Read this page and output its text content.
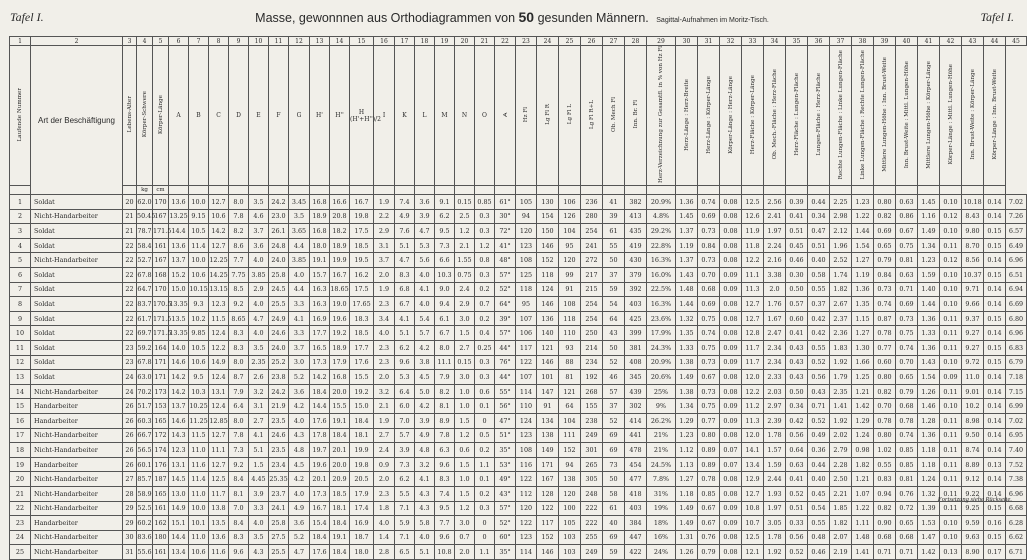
Tafel I.	Masse, gewonnnen aus Orthodiagrammen von 50 gesunden Männern. Sagittal-Aufnahmen im Moritz-Tisch.	Tafel I.
1	2	3	4	5	6	7	8	9	10	11	12	13	14	15	16	17	18	19	20	21	22	23	24	25	26	27	28	29	30	31	32	33	34	35	36	37	38	39	40	41	42	43	44	45
Laufende Nummer	Art der Beschäftigung	Lebens-Alter	Körper-Schwere	Körper-Länge	A	B	C	D	E	F	G	H'	H''	H (H'+H'')/2	I	K	L	M	N	O	∢	Hz Fl	Lg Fl R	Lg Fl L	Lg Fl R+L	Ob. Mech Fl	Inn. Br. Fl	Herz-Verzeichnung zur Gesamtfl. in % von Hz Fl	Herz-Länge : Herz-Breite	Herz-Länge : Körper-Länge	Körper-Länge : Herz-Länge	Herz-Fläche : Körper-Länge	Ob. Mech.-Fläche : Herz-Fläche	Herz-Fläche : Lungen-Fläche	Lungen-Fläche : Herz-Fläche	Rechte Lungen-Fläche : Linke Lungen-Fläche	Linke Lungen-Fläche : Rechte Lungen-Fläche	Mittlere Lungen-Höhe : Inn. Brust-Weite	Inn. Brust-Weite : Mittl. Lungen-Höhe	Mittlere Lungen-Höhe : Körper-Länge	Körper-Länge : Mittl. Lungen-Höhe	Inn. Brust-Weite : Körper-Länge	Körper-Länge : Inn. Brust-Weite	
			kg	cm																																								
1	Soldat	20	62.0	170	13.6	10.0	12.7	8.0	3.5	24.2	3.45	16.8	16.6	16.7	1.9	7.4	3.6	9.1	0.15	0.85	61°	105	130	106	236	41	382	20.9%	1.36	0.74	0.08	12.5	2.56	0.39	0.44	2.25	1.23	0.80	0.63	1.45	0.10	10.18	0.14	7.02
2	Nicht-Handarbeiter	21	50.45	167	13.25	9.15	10.6	7.8	4.6	23.0	3.5	18.9	20.8	19.8	2.2	4.9	3.9	6.2	2.5	0.3	30°	94	154	126	280	39	413	4.8%	1.45	0.69	0.08	12.6	2.41	0.41	0.34	2.98	1.22	0.82	0.86	1.16	0.12	8.43	0.14	7.26
3	Soldat	21	78.7	171.5	14.4	10.5	14.2	8.2	3.7	26.1	3.65	16.8	18.2	17.5	2.9	7.6	4.7	9.5	1.2	0.3	72°	120	150	104	254	61	435	29.2%	1.37	0.73	0.08	11.9	1.97	0.51	0.47	2.12	1.44	0.69	0.67	1.49	0.10	9.80	0.15	6.57
4	Soldat	22	58.4	161	13.6	11.4	12.7	8.6	3.6	24.8	4.4	18.0	18.9	18.5	3.1	5.1	5.3	7.3	2.1	1.2	41°	123	146	95	241	55	419	22.8%	1.19	0.84	0.08	11.8	2.24	0.45	0.51	1.96	1.54	0.65	0.75	1.34	0.11	8.70	0.15	6.49
5	Nicht-Handarbeiter	22	52.7	167	13.7	10.0	12.25	7.7	4.0	24.0	3.85	19.1	19.9	19.5	3.7	4.7	5.6	6.6	1.55	0.8	48°	108	152	120	272	50	430	16.3%	1.37	0.73	0.08	12.2	2.16	0.46	0.40	2.52	1.27	0.79	0.81	1.23	0.12	8.56	0.14	6.96
6	Soldat	22	67.8	168	15.2	10.6	14.25	7.75	3.85	25.8	4.0	15.7	16.7	16.2	2.0	8.3	4.0	10.3	0.75	0.3	57°	125	118	99	217	37	379	16.0%	1.43	0.70	0.09	11.1	3.38	0.30	0.58	1.74	1.19	0.84	0.63	1.59	0.10	10.37	0.15	6.51
7	Soldat	22	64.7	170	15.0	10.15	13.15	8.5	2.9	24.5	4.4	16.3	18.65	17.5	1.9	6.8	4.1	9.0	2.4	0.2	52°	118	124	91	215	59	392	22.5%	1.48	0.68	0.09	11.3	2.0	0.50	0.55	1.82	1.36	0.73	0.71	1.40	0.10	9.71	0.14	6.94
8	Soldat	22	83.7	170.5	13.35	9.3	12.3	9.2	4.0	25.5	3.3	16.3	19.0	17.65	2.3	6.7	4.0	9.4	2.9	0.7	64°	95	146	108	254	54	403	16.3%	1.44	0.69	0.08	12.7	1.76	0.57	0.37	2.67	1.35	0.74	0.69	1.44	0.10	9.66	0.14	6.69
9	Soldat	22	61.7	171.5	13.5	10.2	11.5	8.65	4.7	24.9	4.1	16.9	19.6	18.3	3.4	4.1	5.4	6.1	3.0	0.2	39°	107	136	118	254	64	425	23.6%	1.32	0.75	0.08	12.7	1.67	0.60	0.42	2.37	1.15	0.87	0.73	1.36	0.11	9.37	0.15	6.80
10	Soldat	22	69.7	171.5	13.35	9.85	12.4	8.3	4.0	24.6	3.3	17.7	19.2	18.5	4.0	5.1	5.7	6.7	1.5	0.4	57°	106	140	110	250	43	399	17.9%	1.35	0.74	0.08	12.8	2.47	0.41	0.42	2.36	1.27	0.78	0.75	1.33	0.11	9.27	0.14	6.96
11	Soldat	23	59.2	164	14.0	10.5	12.2	8.3	3.5	24.0	3.7	16.5	18.9	17.7	2.3	6.2	4.2	8.0	2.7	0.25	44°	117	121	93	214	50	381	24.3%	1.33	0.75	0.09	11.7	2.34	0.43	0.55	1.83	1.30	0.77	0.74	1.36	0.11	9.27	0.15	6.83
12	Soldat	23	67.8	171	14.6	10.6	14.9	8.0	2.35	25.2	3.0	17.3	17.9	17.6	2.3	9.6	3.8	11.1	0.15	0.3	76°	122	146	88	234	52	408	20.9%	1.38	0.73	0.09	11.7	2.34	0.43	0.52	1.92	1.66	0.60	0.70	1.43	0.10	9.72	0.15	6.79
13	Soldat	24	63.0	171	14.2	9.5	12.4	8.7	2.6	23.8	5.2	14.2	16.8	15.5	2.0	5.3	4.5	7.9	3.0	0.3	44°	107	101	81	192	46	345	20.6%	1.49	0.67	0.08	12.0	2.33	0.43	0.56	1.79	1.25	0.80	0.65	1.54	0.09	11.0	0.14	7.18
14	Nicht-Handarbeiter	24	70.2	173	14.2	10.3	13.1	7.9	3.2	24.2	3.6	18.4	20.0	19.2	3.2	6.4	5.0	8.2	1.0	0.6	55°	114	147	121	268	57	439	25%	1.38	0.73	0.08	12.2	2.03	0.50	0.43	2.35	1.21	0.82	0.79	1.26	0.11	9.01	0.14	7.15
15	Handarbeiter	26	51.7	153	13.7	10.25	12.4	6.4	3.1	21.9	4.2	14.4	15.5	15.0	2.1	6.0	4.2	8.1	1.0	0.1	56°	110	91	64	155	37	302	9%	1.34	0.75	0.09	11.2	2.97	0.34	0.71	1.41	1.42	0.70	0.68	1.46	0.10	10.2	0.14	6.99
16	Handarbeiter	26	60.3	165	14.6	11.25	12.85	8.0	2.7	23.5	4.0	17.6	19.1	18.4	1.9	7.0	3.9	8.9	1.5	0	47°	124	134	104	238	52	414	26.2%	1.29	0.77	0.09	11.3	2.39	0.42	0.52	1.92	1.29	0.78	0.78	1.28	0.11	8.98	0.14	7.02
17	Nicht-Handarbeiter	26	66.7	172	14.3	11.5	12.7	7.8	4.1	24.6	4.3	17.8	18.4	18.1	2.7	5.7	4.9	7.8	1.2	0.5	51°	123	138	111	249	69	441	21%	1.23	0.80	0.08	12.0	1.78	0.56	0.49	2.02	1.24	0.80	0.74	1.36	0.11	9.50	0.14	6.95
18	Nicht-Handarbeiter	26	56.5	174	12.3	11.0	11.1	7.3	5.1	23.5	4.8	19.7	20.1	19.9	2.4	3.9	4.8	6.3	0.6	0.2	35°	108	149	152	301	69	478	21%	1.12	0.89	0.07	14.1	1.57	0.64	0.36	2.79	0.98	1.02	0.85	1.18	0.11	8.74	0.14	7.40
19	Handarbeiter	26	60.1	176	13.1	11.6	12.7	9.2	1.5	23.4	4.5	19.6	20.0	19.8	0.9	7.3	3.2	9.6	1.5	1.1	53°	116	171	94	265	73	454	24.5%	1.13	0.89	0.07	13.4	1.59	0.63	0.44	2.28	1.82	0.55	0.85	1.18	0.11	8.89	0.13	7.52
20	Nicht-Handarbeiter	27	85.7	187	14.5	11.4	12.5	8.4	4.45	25.35	4.2	20.1	20.9	20.5	2.0	6.2	4.1	8.3	1.0	0.1	49°	122	167	138	305	50	477	7.8%	1.27	0.78	0.08	12.9	2.44	0.41	0.40	2.50	1.21	0.83	0.81	1.24	0.11	9.12	0.14	7.38
21	Nicht-Handarbeiter	28	58.9	165	13.0	11.0	11.7	8.1	3.9	23.7	4.0	17.3	18.5	17.9	2.3	5.5	4.3	7.4	1.5	0.2	43°	112	128	120	248	58	418	31%	1.18	0.85	0.08	12.7	1.93	0.52	0.45	2.21	1.07	0.94	0.76	1.32	0.11	9.22	0.14	6.96
22	Nicht-Handarbeiter	29	52.5	161	14.9	10.0	13.8	7.0	3.3	24.1	4.9	16.7	18.1	17.4	1.8	7.1	4.3	9.5	1.2	0.3	57°	120	122	100	222	61	403	19%	1.49	0.67	0.09	10.8	1.97	0.51	0.54	1.85	1.22	0.82	0.72	1.39	0.11	9.25	0.15	6.68
23	Handarbeiter	29	60.2	162	15.1	10.1	13.5	8.4	4.0	25.8	3.6	15.4	18.4	16.9	4.0	5.9	5.8	7.7	3.0	0	52°	122	117	105	222	40	384	18%	1.49	0.67	0.09	10.7	3.05	0.33	0.55	1.82	1.11	0.90	0.65	1.53	0.10	9.59	0.16	6.28
24	Nicht-Handarbeiter	30	83.6	180	14.4	11.0	13.6	8.3	3.5	27.5	5.2	18.4	19.1	18.7	1.4	7.1	4.0	9.6	0.7	0	60°	123	152	103	255	69	447	16%	1.31	0.76	0.08	12.5	1.78	0.56	0.48	2.07	1.48	0.68	0.68	1.47	0.10	9.63	0.15	6.62
25	Nicht-Handarbeiter	31	55.6	161	13.4	10.6	11.6	9.6	4.3	25.5	4.7	17.6	18.4	18.0	2.8	6.5	5.1	10.8	2.0	1.1	35°	114	146	103	249	59	422	24%	1.26	0.79	0.08	12.1	1.92	0.52	0.46	2.19	1.41	0.71	0.71	1.42	0.13	8.90	0.17	6.71
Fortsetzung siehe Rückseite.
